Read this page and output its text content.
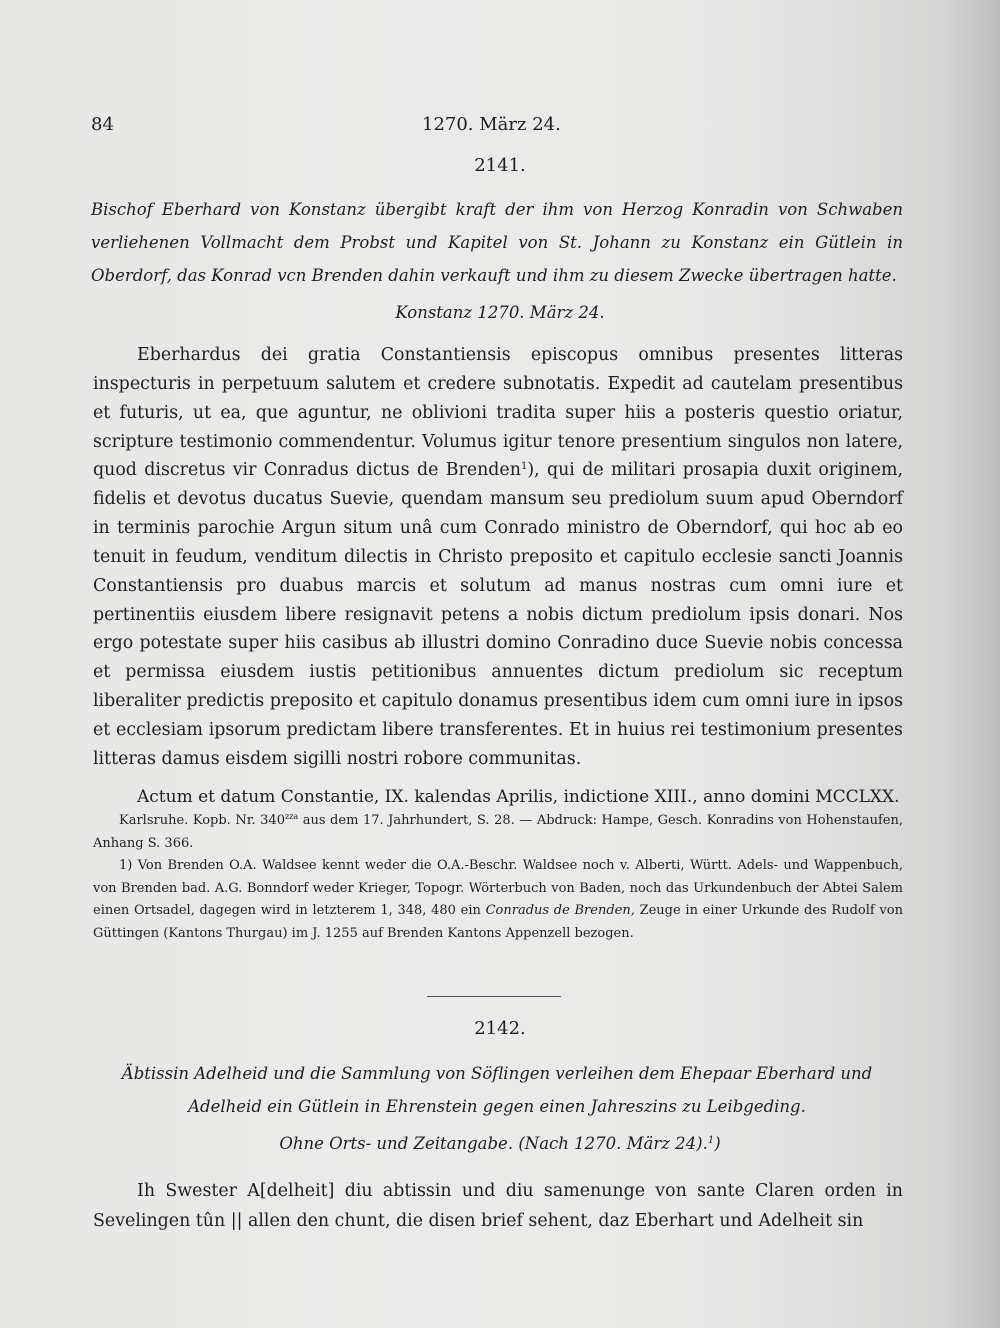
84	1270. März 24.
2141.
Bischof Eberhard von Konstanz übergibt kraft der ihm von Herzog Konradin von Schwaben verliehenen Vollmacht dem Probst und Kapitel von St. Johann zu Konstanz ein Gütlein in Oberdorf, das Konrad vcn Brenden dahin verkauft und ihm zu diesem Zwecke übertragen hatte.
Konstanz 1270. März 24.
Eberhardus dei gratia Constantiensis episcopus omnibus presentes litteras inspecturis in perpetuum salutem et credere subnotatis. Expedit ad cautelam presentibus et futuris, ut ea, que aguntur, ne oblivioni tradita super hiis a posteris questio oriatur, scripture testimonio commendentur. Volumus igitur tenore presentium singulos non latere, quod discretus vir Conradus dictus de Brenden$^1$), qui de militari prosapia duxit originem, fidelis et devotus ducatus Suevie, quendam mansum seu prediolum suum apud Oberndorf in terminis parochie Argun situm unâ cum Conrado ministro de Oberndorf, qui hoc ab eo tenuit in feudum, venditum dilectis in Christo preposito et capitulo ecclesie sancti Joannis Constantiensis pro duabus marcis et solutum ad manus nostras cum omni iure et pertinentiis eiusdem libere resignavit petens a nobis dictum prediolum ipsis donari. Nos ergo potestate super hiis casibus ab illustri domino Conradino duce Suevie nobis concessa et permissa eiusdem iustis petitionibus annuentes dictum prediolum sic receptum liberaliter predictis preposito et capitulo donamus presentibus idem cum omni iure in ipsos et ecclesiam ipsorum predictam libere transferentes. Et in huius rei testimonium presentes litteras damus eisdem sigilli nostri robore communitas.
Actum et datum Constantie, IX. kalendas Aprilis, indictione XIII., anno domini MCCLXX.
Karlsruhe. Kopb. Nr. $340^{zza}$ aus dem 17. Jahrhundert, S. 28. — Abdruck: Hampe, Gesch. Konradins von Hohenstaufen, Anhang S. 366.
1) Von Brenden O.A. Waldsee kennt weder die O.A.-Beschr. Waldsee noch v. Alberti, Württ. Adels- und Wappenbuch, von Brenden bad. A.G. Bonndorf weder Krieger, Topogr. Wörterbuch von Baden, noch das Urkundenbuch der Abtei Salem einen Ortsadel, dagegen wird in letzterem 1, 348, 480 ein Conradus de Brenden, Zeuge in einer Urkunde des Rudolf von Güttingen (Kantons Thurgau) im J. 1255 auf Brenden Kantons Appenzell bezogen.
2142.
Äbtissin Adelheid und die Sammlung von Söflingen verleihen dem Ehepaar Eberhard und Adelheid ein Gütlein in Ehrenstein gegen einen Jahreszins zu Leibgeding.
Ohne Orts- und Zeitangabe. (Nach 1270. März 24).$^1$)
Ih Swester A[delheit] diu abtissin und diu samenunge von sante Claren orden in Sevelingen tûn || allen den chunt, die disen brief sehent, daz Eberhart und Adelheit sin
